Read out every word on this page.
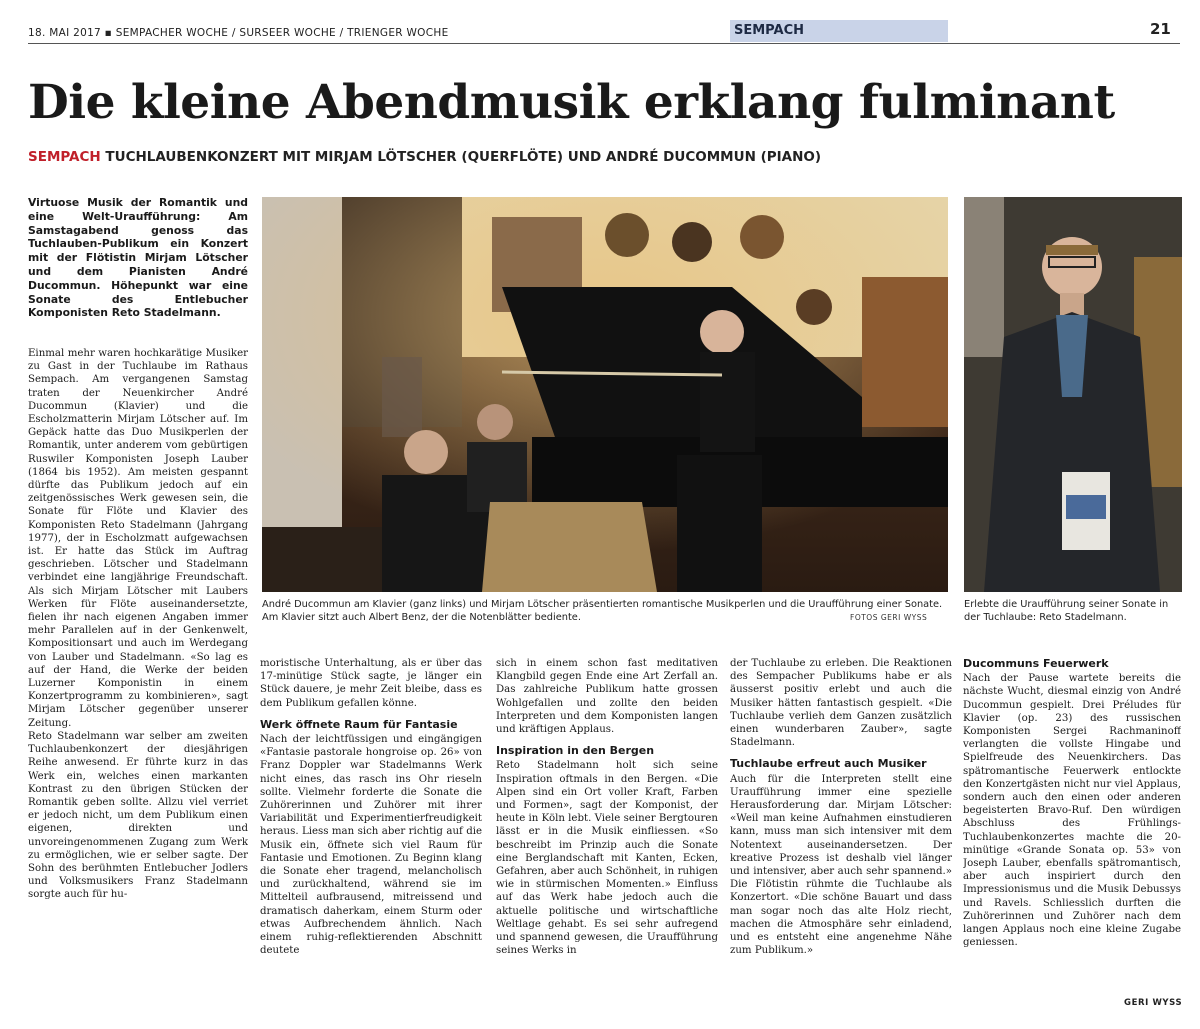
18. MAI 2017 ▪ SEMPACHER WOCHE / SURSEER WOCHE / TRIENGER WOCHE	SEMPACH	21
Die kleine Abendmusik erklang fulminant
SEMPACH TUCHLAUBENKONZERT MIT MIRJAM LÖTSCHER (QUERFLÖTE) UND ANDRÉ DUCOMMUN (PIANO)
Virtuose Musik der Romantik und eine Welt-Uraufführung: Am Samstagabend genoss das Tuchlauben-Publikum ein Konzert mit der Flötistin Mirjam Lötscher und dem Pianisten André Ducommun. Höhepunkt war eine Sonate des Entlebucher Komponisten Reto Stadelmann.

Einmal mehr waren hochkarätige Musiker zu Gast in der Tuchlaube im Rathaus Sempach. Am vergangenen Samstag traten der Neuenkircher André Ducommun (Klavier) und die Escholzmatterin Mirjam Lötscher auf. Im Gepäck hatte das Duo Musikperlen der Romantik, unter anderem vom gebürtigen Ruswiler Komponisten Joseph Lauber (1864 bis 1952). Am meisten gespannt dürfte das Publikum jedoch auf ein zeitgenössisches Werk gewesen sein, die Sonate für Flöte und Klavier des Komponisten Reto Stadelmann (Jahrgang 1977), der in Escholzmatt aufgewachsen ist. Er hatte das Stück im Auftrag geschrieben. Lötscher und Stadelmann verbindet eine langjährige Freundschaft. Als sich Mirjam Lötscher mit Laubers Werken für Flöte auseinandersetzte, fielen ihr nach eigenen Angaben immer mehr Parallelen auf in der Genkenwelt, Kompositionsart und auch im Werdegang von Lauber und Stadelmann. «So lag es auf der Hand, die Werke der beiden Luzerner Komponistin in einem Konzertprogramm zu kombinieren», sagt Mirjam Lötscher gegenüber unserer Zeitung.

Reto Stadelmann war selber am zweiten Tuchlaubenkonzert der diesjährigen Reihe anwesend. Er führte kurz in das Werk ein, welches einen markanten Kontrast zu den übrigen Stücken der Romantik geben sollte. Allzu viel verriet er jedoch nicht, um dem Publikum einen eigenen, direkten und unvoreingenommenen Zugang zum Werk zu ermöglichen, wie er selber sagte. Der Sohn des berühmten Entlebucher Jodlers und Volksmusikers Franz Stadelmann sorgte auch für hu-

André Ducommun am Klavier (ganz links) und Mirjam Lötscher präsentierten romantische Musikperlen und die Uraufführung einer Sonate. Am Klavier sitzt auch Albert Benz, der die Notenblätter bediente.	FOTOS GERI WYSS
Erlebte die Uraufführung seiner Sonate in der Tuchlaube: Reto Stadelmann.

moristische Unterhaltung, als er über das 17-minütige Stück sagte, je länger ein Stück dauere, je mehr Zeit bleibe, dass es dem Publikum gefallen könne.

Werk öffnete Raum für Fantasie

Nach der leichtfüssigen und eingängigen «Fantasie pastorale hongroise op. 26» von Franz Doppler war Stadelmanns Werk nicht eines, das rasch ins Ohr rieseln sollte. Vielmehr forderte die Sonate die Zuhörerinnen und Zuhörer mit ihrer Variabilität und Experimentierfreudigkeit heraus. Liess man sich aber richtig auf die Musik ein, öffnete sich viel Raum für Fantasie und Emotionen. Zu Beginn klang die Sonate eher tragend, melancholisch und zurückhaltend, während sie im Mittelteil aufbrausend, mitreissend und dramatisch daherkam, einem Sturm oder etwas Aufbrechendem ähnlich. Nach einem ruhig-reflektierenden Abschnitt deutete

sich in einem schon fast meditativen Klangbild gegen Ende eine Art Zerfall an. Das zahlreiche Publikum hatte grossen Wohlgefallen und zollte den beiden Interpreten und dem Komponisten langen und kräftigen Applaus.

Inspiration in den Bergen

Reto Stadelmann holt sich seine Inspiration oftmals in den Bergen. «Die Alpen sind ein Ort voller Kraft, Farben und Formen», sagt der Komponist, der heute in Köln lebt. Viele seiner Bergtouren lässt er in die Musik einfliessen. «So beschreibt im Prinzip auch die Sonate eine Berglandschaft mit Kanten, Ecken, Gefahren, aber auch Schönheit, in ruhigen wie in stürmischen Momenten.» Einfluss auf das Werk habe jedoch auch die aktuelle politische und wirtschaftliche Weltlage gehabt. Es sei sehr aufregend und spannend gewesen, die Uraufführung seines Werks in

der Tuchlaube zu erleben. Die Reaktionen des Sempacher Publikums habe er als äusserst positiv erlebt und auch die Musiker hätten fantastisch gespielt. «Die Tuchlaube verlieh dem Ganzen zusätzlich einen wunderbaren Zauber», sagte Stadelmann.

Tuchlaube erfreut auch Musiker

Auch für die Interpreten stellt eine Uraufführung immer eine spezielle Herausforderung dar. Mirjam Lötscher: «Weil man keine Aufnahmen einstudieren kann, muss man sich intensiver mit dem Notentext auseinandersetzen. Der kreative Prozess ist deshalb viel länger und intensiver, aber auch sehr spannend.» Die Flötistin rühmte die Tuchlaube als Konzertort. «Die schöne Bauart und dass man sogar noch das alte Holz riecht, machen die Atmosphäre sehr einladend, und es entsteht eine angenehme Nähe zum Publikum.»

Ducommuns Feuerwerk

Nach der Pause wartete bereits die nächste Wucht, diesmal einzig von André Ducommun gespielt. Drei Préludes für Klavier (op. 23) des russischen Komponisten Sergei Rachmaninoff verlangten die vollste Hingabe und Spielfreude des Neuenkirchers. Das spätromantische Feuerwerk entlockte den Konzertgästen nicht nur viel Applaus, sondern auch den einen oder anderen begeisterten Bravo-Ruf. Den würdigen Abschluss des Frühlings-Tuchlaubenkonzertes machte die 20-minütige «Grande Sonata op. 53» von Joseph Lauber, ebenfalls spätromantisch, aber auch inspiriert durch den Impressionismus und die Musik Debussys und Ravels. Schliesslich durften die Zuhörerinnen und Zuhörer nach dem langen Applaus noch eine kleine Zugabe geniessen.

GERI WYSS
